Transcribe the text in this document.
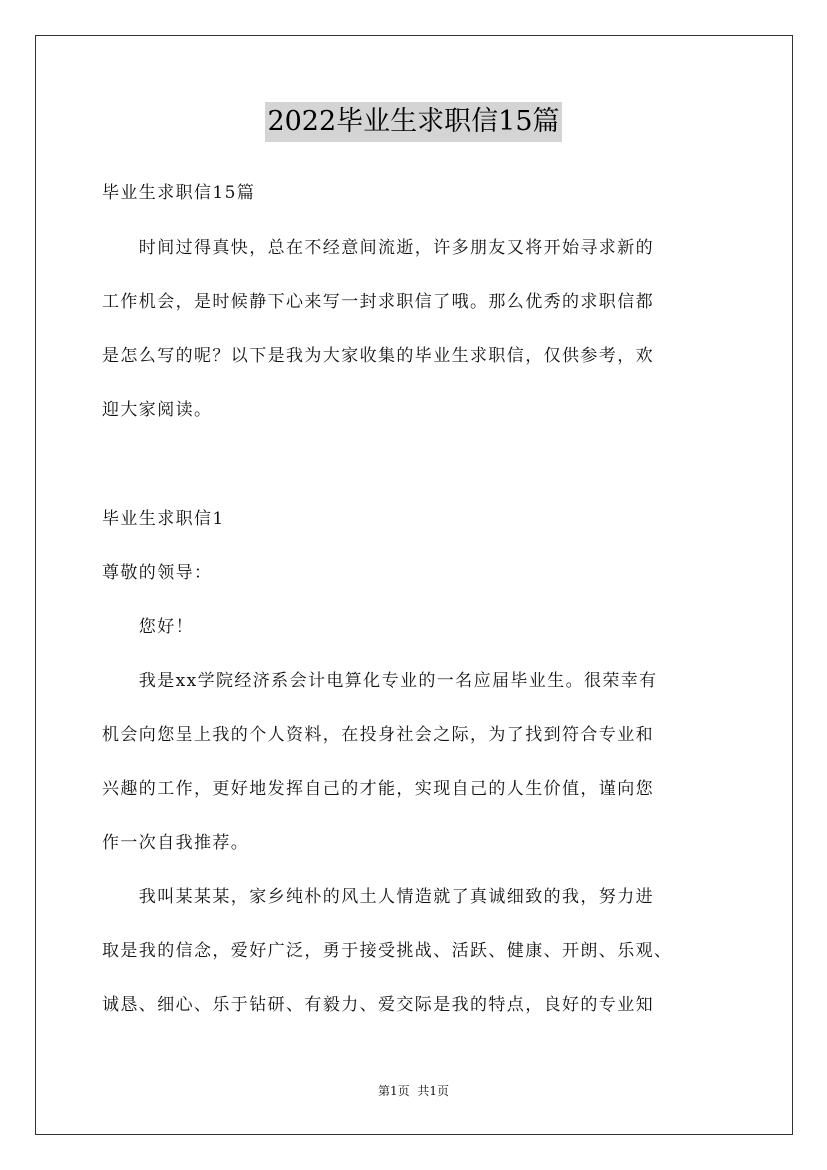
2022毕业生求职信15篇
毕业生求职信15篇
　　时间过得真快，总在不经意间流逝，许多朋友又将开始寻求新的
工作机会，是时候静下心来写一封求职信了哦。那么优秀的求职信都
是怎么写的呢？以下是我为大家收集的毕业生求职信，仅供参考，欢
迎大家阅读。
毕业生求职信1
尊敬的领导：
　　您好！
　　我是xx学院经济系会计电算化专业的一名应届毕业生。很荣幸有
机会向您呈上我的个人资料，在投身社会之际，为了找到符合专业和
兴趣的工作，更好地发挥自己的才能，实现自己的人生价值，谨向您
作一次自我推荐。
　　我叫某某某，家乡纯朴的风土人情造就了真诚细致的我，努力进
取是我的信念，爱好广泛，勇于接受挑战、活跃、健康、开朗、乐观、
诚恳、细心、乐于钻研、有毅力、爱交际是我的特点，良好的专业知
第1页 共1页
